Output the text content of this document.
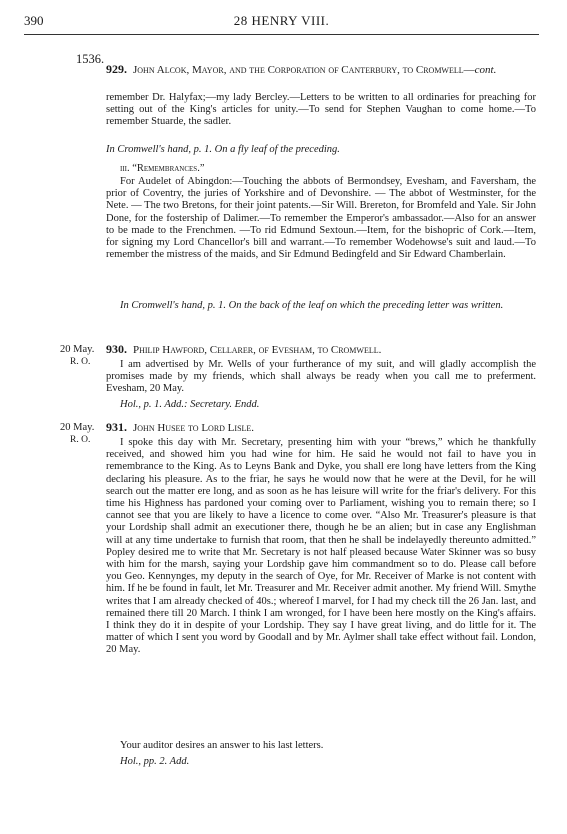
390	28 HENRY VIII.
1536.

929. John Alcok, Mayor, and the Corporation of Canterbury, to Cromwell—cont.

remember Dr. Halyfax;—my lady Bercley.—Letters to be written to all ordinaries for preaching for setting out of the King's articles for unity.—To send for Stephen Vaughan to come home.—To remember Stuarde, the sadler.

In Cromwell's hand, p. 1. On a fly leaf of the preceding.

iii. “Remembrances.”

For Audelet of Abingdon:—Touching the abbots of Bermondsey, Evesham, and Faversham, the prior of Coventry, the juries of Yorkshire and of Devonshire. — The abbot of Westminster, for the Nete. — The two Bretons, for their joint patents.—Sir Will. Brereton, for Bromfeld and Yale. Sir John Done, for the fostership of Dalimer.—To remember the Emperor's ambassador.—Also for an answer to be made to the Frenchmen. —To rid Edmund Sextoun.—Item, for the bishopric of Cork.—Item, for signing my Lord Chancellor's bill and warrant.—To remember Wodehowse's suit and laud.—To remember the mistress of the maids, and Sir Edmund Bedingfeld and Sir Edward Chamberlain.

In Cromwell's hand, p. 1. On the back of the leaf on which the preceding letter was written.

20 May.
R. O.

930. Philip Hawford, Cellarer, of Evesham, to Cromwell.

I am advertised by Mr. Wells of your furtherance of my suit, and will gladly accomplish the promises made by my friends, which shall always be ready when you call me to preferment. Evesham, 20 May.

Hol., p. 1. Add.: Secretary. Endd.

20 May.
R. O.

931. John Husee to Lord Lisle.

I spoke this day with Mr. Secretary, presenting him with your “brews,” which he thankfully received, and showed him you had wine for him. He said he would not fail to have you in remembrance to the King. As to Leyns Bank and Dyke, you shall ere long have letters from the King declaring his pleasure. As to the friar, he says he would now that he were at the Devil, for he will search out the matter ere long, and as soon as he has leisure will write for the friar's delivery. For this time his Highness has pardoned your coming over to Parliament, wishing you to remain there; so I cannot see that you are likely to have a licence to come over. “Also Mr. Treasurer's pleasure is that your Lordship shall admit an executioner there, though he be an alien; but in case any Englishman will at any time undertake to furnish that room, that then he shall be indelayedly thereunto admitted.” Popley desired me to write that Mr. Secretary is not half pleased because Water Skinner was so busy with him for the marsh, saying your Lordship gave him commandment so to do. Please call before you Geo. Kennynges, my deputy in the search of Oye, for Mr. Receiver of Marke is not content with him. If he be found in fault, let Mr. Treasurer and Mr. Receiver admit another. My friend Will. Smythe writes that I am already checked of 40s.; whereof I marvel, for I had my check till the 26 Jan. last, and remained there till 20 March. I think I am wronged, for I have been here mostly on the King's affairs. I think they do it in despite of your Lordship. They say I have great living, and do little for it. The matter of which I sent you word by Goodall and by Mr. Aylmer shall take effect without fail. London, 20 May.

Your auditor desires an answer to his last letters.

Hol., pp. 2. Add.
